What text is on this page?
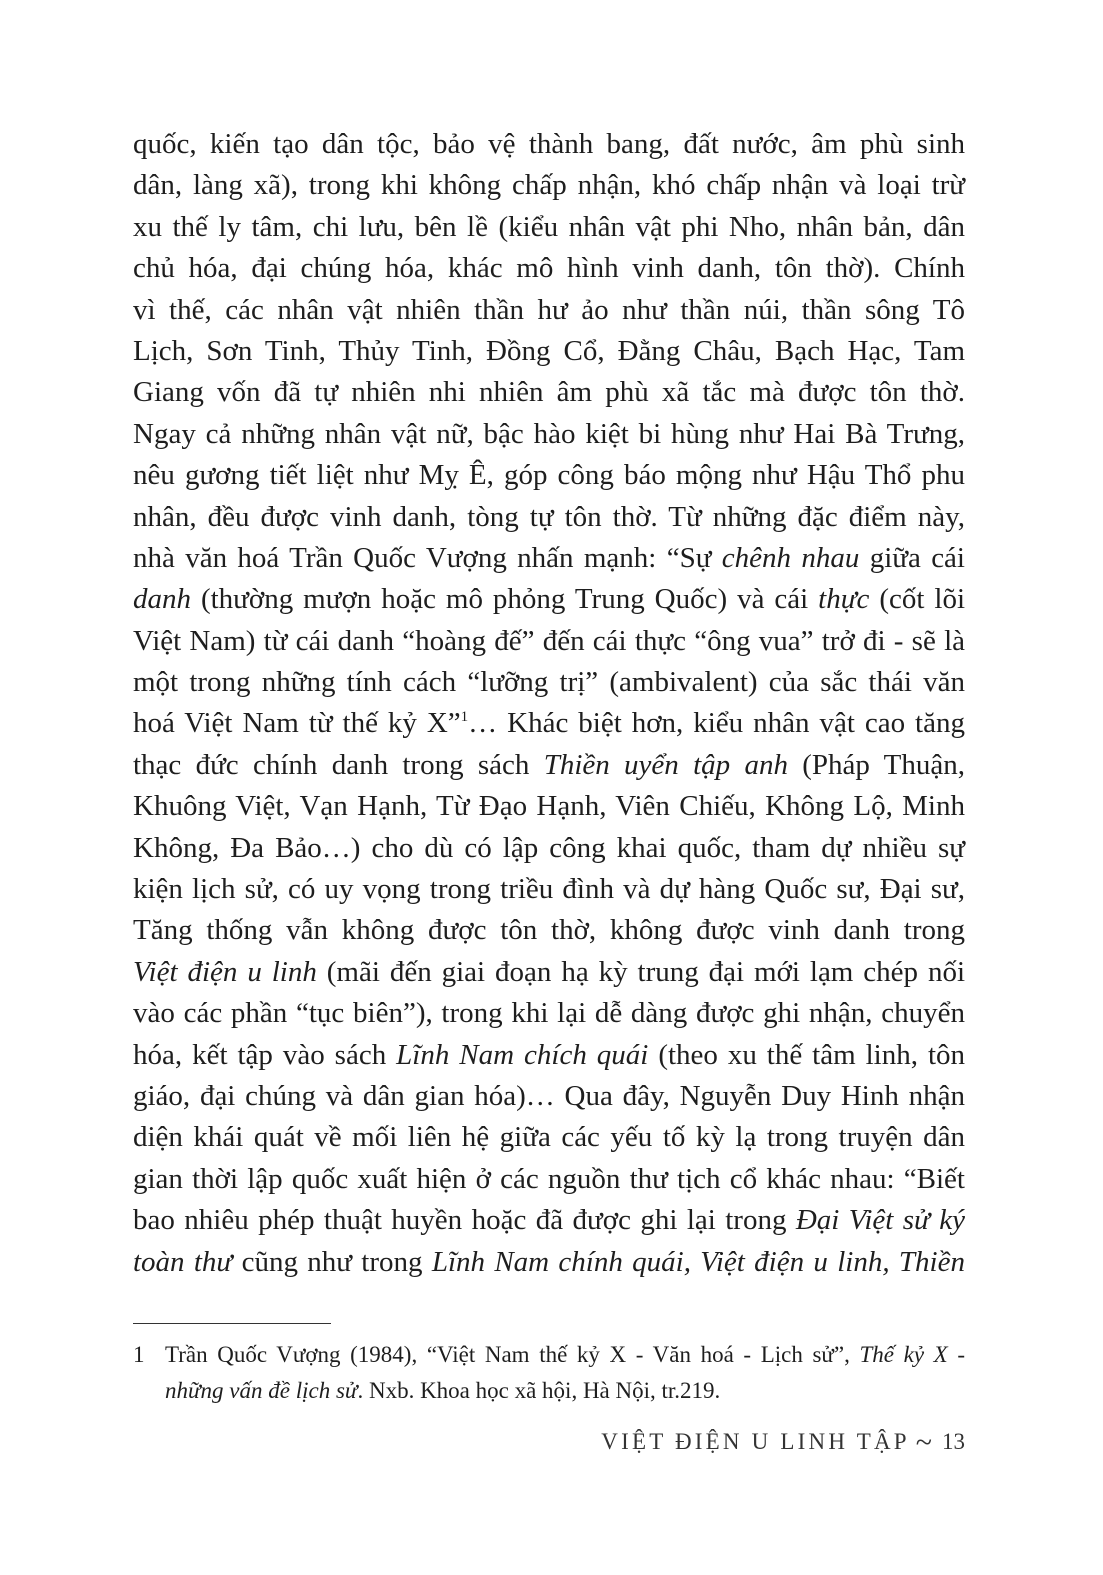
quốc, kiến tạo dân tộc, bảo vệ thành bang, đất nước, âm phù sinh
dân, làng xã), trong khi không chấp nhận, khó chấp nhận và loại trừ
xu thế ly tâm, chi lưu, bên lề (kiểu nhân vật phi Nho, nhân bản, dân
chủ hóa, đại chúng hóa, khác mô hình vinh danh, tôn thờ). Chính
vì thế, các nhân vật nhiên thần hư ảo như thần núi, thần sông Tô
Lịch, Sơn Tinh, Thủy Tinh, Đồng Cổ, Đằng Châu, Bạch Hạc, Tam
Giang vốn đã tự nhiên nhi nhiên âm phù xã tắc mà được tôn thờ.
Ngay cả những nhân vật nữ, bậc hào kiệt bi hùng như Hai Bà Trưng,
nêu gương tiết liệt như Mỵ Ê, góp công báo mộng như Hậu Thổ phu
nhân, đều được vinh danh, tòng tự tôn thờ. Từ những đặc điểm này,
nhà văn hoá Trần Quốc Vượng nhấn mạnh: “Sự chênh nhau giữa cái
danh (thường mượn hoặc mô phỏng Trung Quốc) và cái thực (cốt lõi
Việt Nam) từ cái danh “hoàng đế” đến cái thực “ông vua” trở đi - sẽ là
một trong những tính cách “lưỡng trị” (ambivalent) của sắc thái văn
hoá Việt Nam từ thế kỷ X”$^1$… Khác biệt hơn, kiểu nhân vật cao tăng
thạc đức chính danh trong sách Thiền uyển tập anh (Pháp Thuận,
Khuông Việt, Vạn Hạnh, Từ Đạo Hạnh, Viên Chiếu, Không Lộ, Minh
Không, Đa Bảo…) cho dù có lập công khai quốc, tham dự nhiều sự
kiện lịch sử, có uy vọng trong triều đình và dự hàng Quốc sư, Đại sư,
Tăng thống vẫn không được tôn thờ, không được vinh danh trong
Việt điện u linh (mãi đến giai đoạn hạ kỳ trung đại mới lạm chép nối
vào các phần “tục biên”), trong khi lại dễ dàng được ghi nhận, chuyển
hóa, kết tập vào sách Lĩnh Nam chích quái (theo xu thế tâm linh, tôn
giáo, đại chúng và dân gian hóa)… Qua đây, Nguyễn Duy Hinh nhận
diện khái quát về mối liên hệ giữa các yếu tố kỳ lạ trong truyện dân
gian thời lập quốc xuất hiện ở các nguồn thư tịch cổ khác nhau: “Biết
bao nhiêu phép thuật huyền hoặc đã được ghi lại trong Đại Việt sử ký
toàn thư cũng như trong Lĩnh Nam chính quái, Việt điện u linh, Thiền
1 Trần Quốc Vượng (1984), “Việt Nam thế kỷ X - Văn hoá - Lịch sử”, Thế kỷ X -
những vấn đề lịch sử. Nxb. Khoa học xã hội, Hà Nội, tr.219.
VIỆT ĐIỆN U LINH TẬP ~ 13
